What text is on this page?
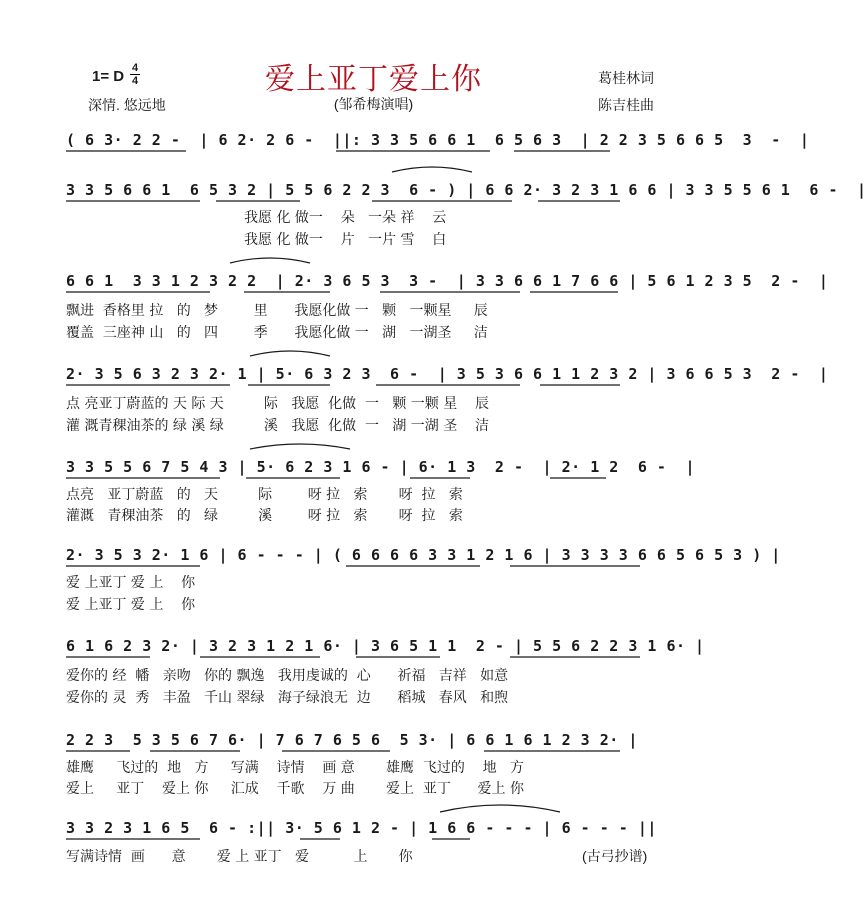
爱上亚丁爱上你
(邹希梅演唱)
1= D 4
4
深情. 悠远地
葛桂林词
陈吉桂曲
( 6 3· 2 2 -  | 6 2· 2 6 -  ||: 3 3 5 6 6 1  6 5 6 3  | 2 2 3 5 6 6 5  3  -  |
3 3 5 6 6 1  6 5 3 2 | 5 5 6 2 2 3  6 - ) | 6 6 2· 3 2 3 1 6 6 | 3 3 5 5 6 1  6 -  |
我愿 化 做一    朵   一朵 祥    云
我愿 化 做一    片   一片 雪    白
6 6 1  3 3 1 2 3 2 2  | 2· 3 6 5 3  3 -  | 3 3 6 6 1 7 6 6 | 5 6 1 2 3 5  2 -  |
飘进  香格里 拉   的   梦        里      我愿化做 一   颗   一颗星     辰
覆盖  三座神 山   的   四        季      我愿化做 一   湖   一湖圣     洁
2· 3 5 6 3 2 3 2· 1 | 5· 6 3 2 3  6 -  | 3 5 3 6 6 1 1 2 3 2 | 3 6 6 5 3  2 -  |
点 亮亚丁蔚蓝的 天 际 天         际   我愿  化做  一   颗 一颗 星    辰
灌 溉青稞油茶的 绿 溪 绿         溪   我愿  化做  一   湖 一湖 圣    洁
3 3 5 5 6 7 5 4 3 | 5· 6 2 3 1 6 - | 6· 1 3  2 -  | 2· 1 2  6 -  |
点亮   亚丁蔚蓝   的   天         际        呀 拉   索       呀  拉   索
灌溉   青稞油茶   的   绿         溪        呀 拉   索       呀  拉   索
2· 3 5 3 2· 1 6 | 6 - - - | ( 6 6 6 6 3 3 1 2 1 6 | 3 3 3 3 6 6 5 6 5 3 ) |
爱 上亚丁 爱 上    你
爱 上亚丁 爱 上    你
6 1 6 2 3 2· | 3 2 3 1 2 1 6· | 3 6 5 1 1  2 - | 5 5 6 2 2 3 1 6· |
爱你的 经  幡   亲吻   你的 飘逸   我用虔诚的  心      祈福   吉祥   如意
爱你的 灵  秀   丰盈   千山 翠绿   海子绿浪无  边      稻城   春风   和煦
2 2 3  5 3 5 6 7 6· | 7 6 7 6 5 6  5 3· | 6 6 1 6 1 2 3 2· |
雄鹰     飞过的  地   方     写满    诗情    画 意       雄鹰  飞过的    地   方
爱上     亚丁    爱上 你     汇成    千歌    万 曲       爱上  亚丁      爱上 你
3 3 2 3 1 6 5  6 - :|| 3· 5 6 1 2 - | 1 6 6 - - - | 6 - - - ||
写满诗情  画      意       爱 上 亚丁   爱          上       你	(古弓抄谱)
